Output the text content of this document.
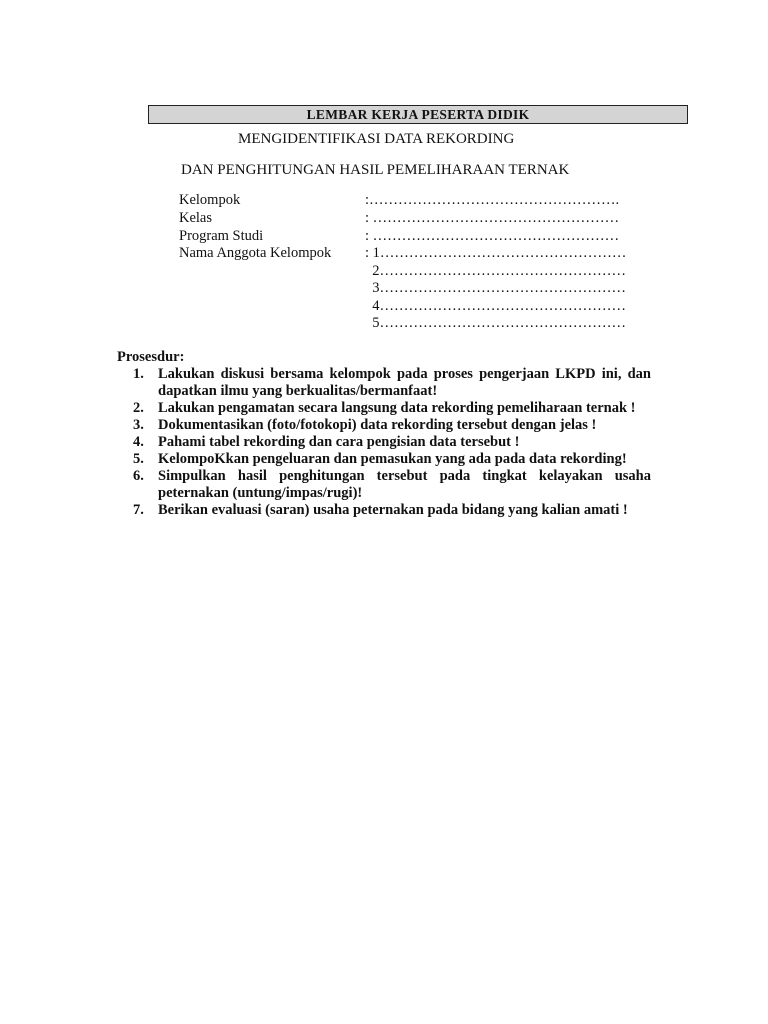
LEMBAR KERJA PESERTA DIDIK
MENGIDENTIFIKASI DATA REKORDING
DAN PENGHITUNGAN HASIL PEMELIHARAAN TERNAK
Kelompok	:…………………………………………….
Kelas	: ……………………………………………
Program Studi	: ……………………………………………
Nama Anggota Kelompok : 1……………………………………………
2……………………………………………
3……………………………………………
4……………………………………………
5……………………………………………

Prosesdur:

1. Lakukan diskusi bersama kelompok pada proses pengerjaan LKPD ini, dan dapatkan ilmu yang berkualitas/bermanfaat!
2. Lakukan pengamatan secara langsung data rekording pemeliharaan ternak !
3. Dokumentasikan (foto/fotokopi) data rekording tersebut dengan jelas !
4. Pahami tabel rekording dan cara pengisian data tersebut !
5. KelompoKkan pengeluaran dan pemasukan yang ada pada data rekording!
6. Simpulkan hasil penghitungan tersebut pada tingkat kelayakan usaha peternakan (untung/impas/rugi)!
7. Berikan evaluasi (saran) usaha peternakan pada bidang yang kalian amati !
